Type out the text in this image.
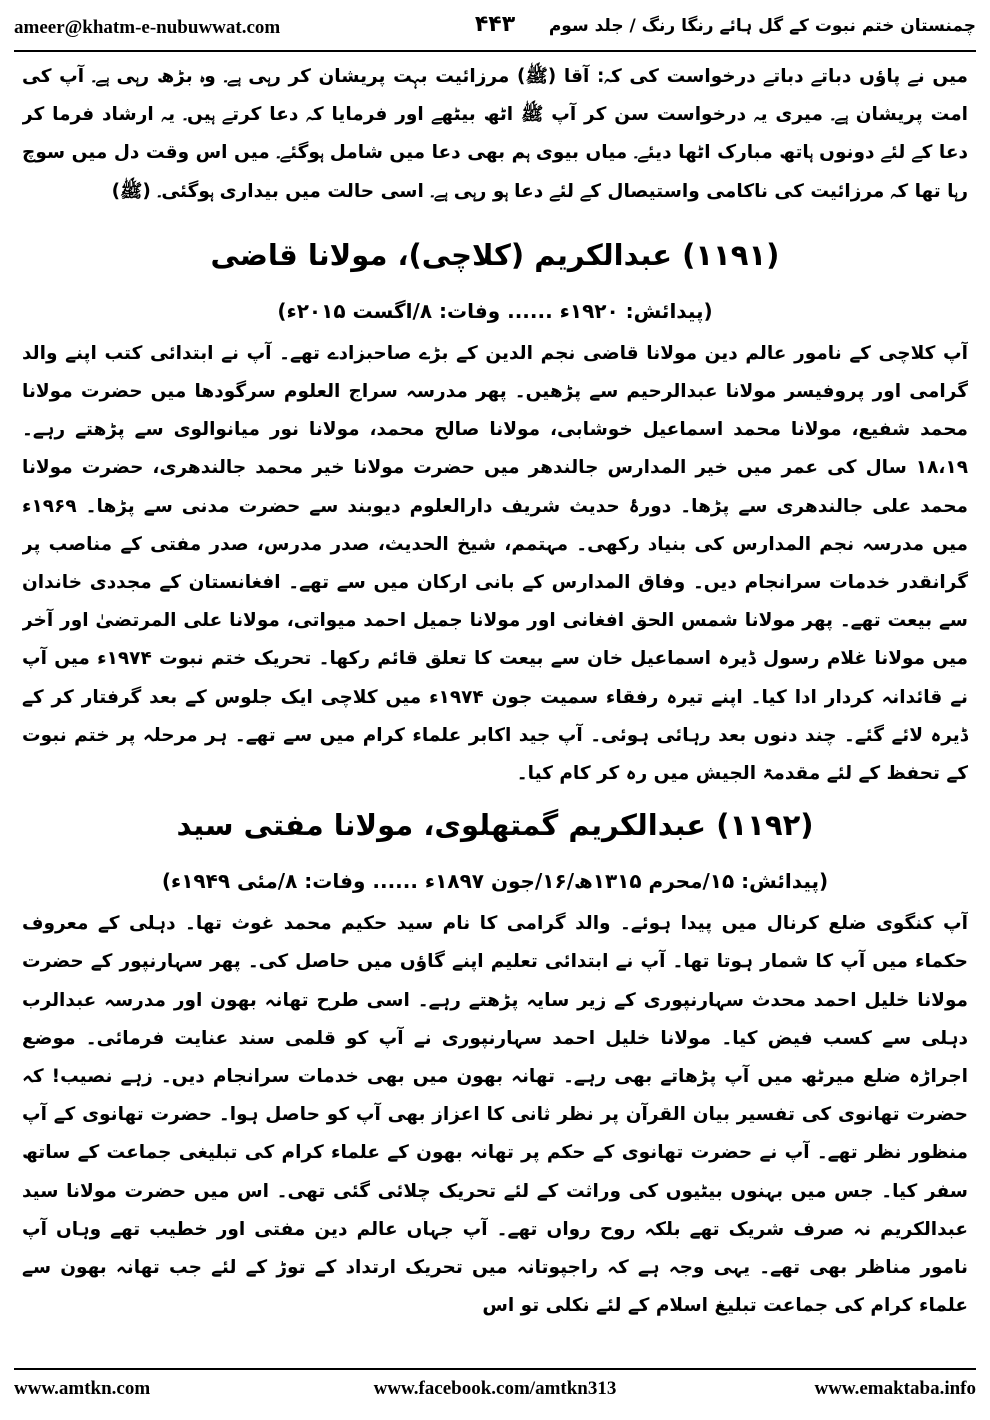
ameer@khatm-e-nubuwwat.com	۴۴۳	چمنستان ختم نبوت کے گل ہائے رنگا رنگ / جلد سوم

میں نے پاؤں دباتے دباتے درخواست کی کہ: آقا (ﷺ) مرزائیت بہت پریشان کر رہی ہے۔ وہ بڑھ رہی ہے۔ آپ کی امت پریشان ہے۔ میری یہ درخواست سن کر آپ ﷺ اٹھ بیٹھے اور فرمایا کہ دعا کرتے ہیں۔ یہ ارشاد فرما کر دعا کے لئے دونوں ہاتھ مبارک اٹھا دیئے۔ میاں بیوی ہم بھی دعا میں شامل ہوگئے۔ میں اس وقت دل میں سوچ رہا تھا کہ مرزائیت کی ناکامی واستیصال کے لئے دعا ہو رہی ہے۔ اسی حالت میں بیداری ہوگئی۔ (ﷺ)

(۱۱۹۱) عبدالکریم (کلاچی)، مولانا قاضی

(پیدائش: ۱۹۲۰ء ...... وفات: ۸/اگست ۲۰۱۵ء)

آپ کلاچی کے نامور عالم دین مولانا قاضی نجم الدین کے بڑے صاحبزادے تھے۔ آپ نے ابتدائی کتب اپنے والد گرامی اور پروفیسر مولانا عبدالرحیم سے پڑھیں۔ پھر مدرسہ سراج العلوم سرگودھا میں حضرت مولانا محمد شفیع، مولانا محمد اسماعیل خوشابی، مولانا صالح محمد، مولانا نور میانوالوی سے پڑھتے رہے۔ ۱۸،۱۹ سال کی عمر میں خیر المدارس جالندھر میں حضرت مولانا خیر محمد جالندھری، حضرت مولانا محمد علی جالندھری سے پڑھا۔ دورۂ حدیث شریف دارالعلوم دیوبند سے حضرت مدنی سے پڑھا۔ ۱۹۶۹ء میں مدرسہ نجم المدارس کی بنیاد رکھی۔ مہتمم، شیخ الحدیث، صدر مدرس، صدر مفتی کے مناصب پر گرانقدر خدمات سرانجام دیں۔ وفاق المدارس کے بانی ارکان میں سے تھے۔ افغانستان کے مجددی خاندان سے بیعت تھے۔ پھر مولانا شمس الحق افغانی اور مولانا جمیل احمد میواتی، مولانا علی المرتضیٰ اور آخر میں مولانا غلام رسول ڈیرہ اسماعیل خان سے بیعت کا تعلق قائم رکھا۔ تحریک ختم نبوت ۱۹۷۴ء میں آپ نے قائدانہ کردار ادا کیا۔ اپنے تیرہ رفقاء سمیت جون ۱۹۷۴ء میں کلاچی ایک جلوس کے بعد گرفتار کر کے ڈیرہ لائے گئے۔ چند دنوں بعد رہائی ہوئی۔ آپ جید اکابر علماء کرام میں سے تھے۔ ہر مرحلہ پر ختم نبوت کے تحفظ کے لئے مقدمۃ الجیش میں رہ کر کام کیا۔

(۱۱۹۲) عبدالکریم گمتھلوی، مولانا مفتی سید

(پیدائش: ۱۵/محرم ۱۳۱۵ھ/۱۶/جون ۱۸۹۷ء ...... وفات: ۸/مئی ۱۹۴۹ء)

آپ کنگوی ضلع کرنال میں پیدا ہوئے۔ والد گرامی کا نام سید حکیم محمد غوث تھا۔ دہلی کے معروف حکماء میں آپ کا شمار ہوتا تھا۔ آپ نے ابتدائی تعلیم اپنے گاؤں میں حاصل کی۔ پھر سہارنپور کے حضرت مولانا خلیل احمد محدث سہارنپوری کے زیر سایہ پڑھتے رہے۔ اسی طرح تھانہ بھون اور مدرسہ عبدالرب دہلی سے کسب فیض کیا۔ مولانا خلیل احمد سہارنپوری نے آپ کو قلمی سند عنایت فرمائی۔ موضع اجراڑہ ضلع میرٹھ میں آپ پڑھاتے بھی رہے۔ تھانہ بھون میں بھی خدمات سرانجام دیں۔ زہے نصیب! کہ حضرت تھانوی کی تفسیر بیان القرآن پر نظر ثانی کا اعزاز بھی آپ کو حاصل ہوا۔ حضرت تھانوی کے آپ منظور نظر تھے۔ آپ نے حضرت تھانوی کے حکم پر تھانہ بھون کے علماء کرام کی تبلیغی جماعت کے ساتھ سفر کیا۔ جس میں بہنوں بیٹیوں کی وراثت کے لئے تحریک چلائی گئی تھی۔ اس میں حضرت مولانا سید عبدالکریم نہ صرف شریک تھے بلکہ روح رواں تھے۔ آپ جہاں عالم دین مفتی اور خطیب تھے وہاں آپ نامور مناظر بھی تھے۔ یہی وجہ ہے کہ راجپوتانہ میں تحریک ارتداد کے توڑ کے لئے جب تھانہ بھون سے علماء کرام کی جماعت تبلیغ اسلام کے لئے نکلی تو اس

www.amtkn.com	www.facebook.com/amtkn313	www.emaktaba.info
